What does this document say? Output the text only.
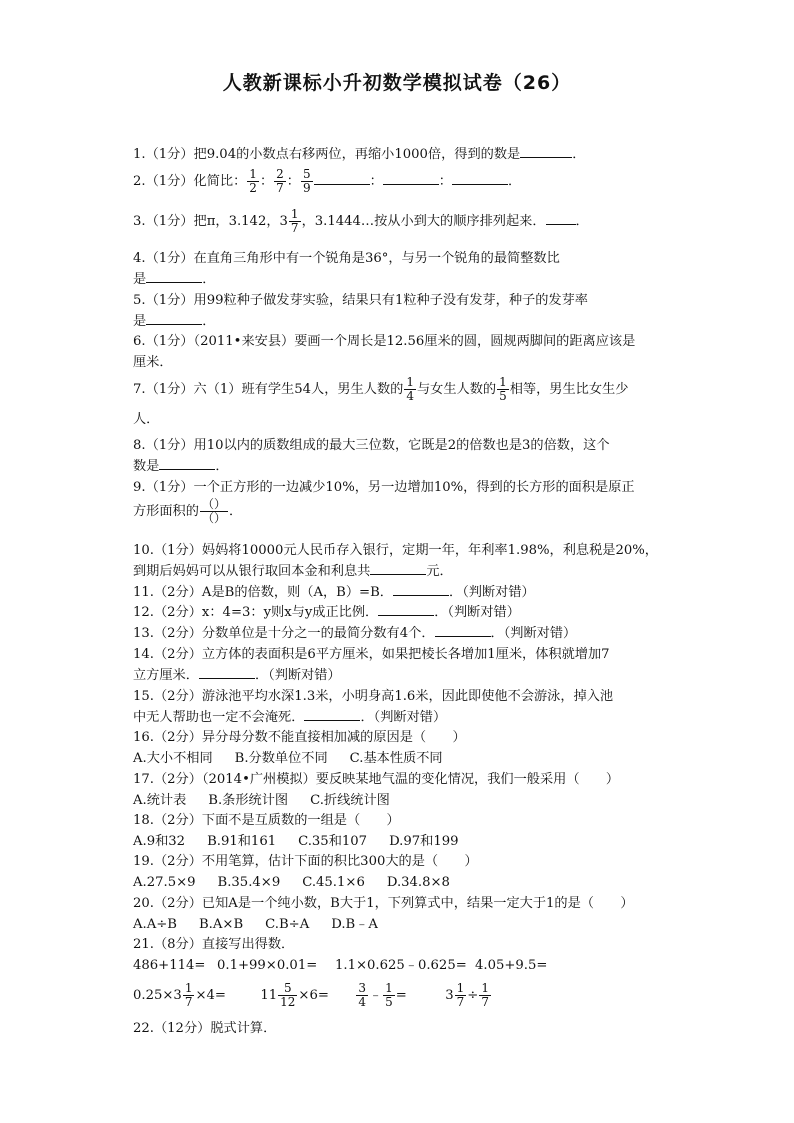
人教新课标小升初数学模拟试卷（26）
1.（1分）把9.04的小数点右移两位，再缩小1000倍，得到的数是	．
2.（1分）化简比： $\frac{1}{2}$ ： $\frac{2}{7}$ ： $\frac{5}{9}$	：	：	．
3.（1分）把π，3.142，$3 \frac{1}{7}$ ，3.1444…按从小到大的顺序排列起来． ．
4.（1分）在直角三角形中有一个锐角是36°，与另一个锐角的最简整数比
是	．
5.（1分）用99粒种子做发芽实验，结果只有1粒种子没有发芽，种子的发芽率
是	．
6.（1分）（2011•来安县）要画一个周长是12.56厘米的圆，圆规两脚间的距离应该是
厘米．
7.（1分）六（1）班有学生54人，男生人数的 $\frac{1}{4}$ 与女生人数的 $\frac{1}{5}$ 相等，男生比女生少
人．
8.（1分）用10以内的质数组成的最大三位数，它既是2的倍数也是3的倍数，这个
数是	．
9.（1分）一个正方形的一边减少10%，另一边增加10%，得到的长方形的面积是原正
方形面积的 $\frac{()}{()}$ ．
10.（1分）妈妈将10000元人民币存入银行，定期一年，年利率1.98%，利息税是20%，
到期后妈妈可以从银行取回本金和利息共	元．
11.（2分）A是B的倍数，则（A，B）=B．	．（判断对错）
12.（2分）x：4=3：y则x与y成正比例．	．（判断对错）
13.（2分）分数单位是十分之一的最简分数有4个．	．（判断对错）
14.（2分）立方体的表面积是6平方厘米，如果把棱长各增加1厘米，体积就增加7
立方厘米．	．（判断对错）
15.（2分）游泳池平均水深1.3米，小明身高1.6米，因此即使他不会游泳，掉入池
中无人帮助也一定不会淹死．	．（判断对错）
16.（2分）异分母分数不能直接相加减的原因是（　　）
A.大小不相同 B.分数单位不同 C.基本性质不同
17.（2分）（2014•广州模拟）要反映某地气温的变化情况，我们一般采用（　　）
A.统计表 B.条形统计图 C.折线统计图
18.（2分）下面不是互质数的一组是（　　）
A.9和32 B.91和161 C.35和107 D.97和199
19.（2分）不用笔算，估计下面的积比300大的是（　　）
A.27.5×9 B.35.4×9 C.45.1×6 D.34.8×8
20.（2分）已知A是一个纯小数，B大于1，下列算式中，结果一定大于1的是（　　）
A.A÷B B.A×B C.B÷A D.B﹣A
21.（8分）直接写出得数．
486+114= 0.1+99×0.01= 1.1×0.625﹣0.625= 4.05+9.5=
$0.25\times 3 \frac{1}{7} \times 4=$	$11 \frac{5}{12} \times 6= \frac{3}{4}$ ﹣ $\frac{1}{5}$ =	$3 \frac{1}{7} \div \frac{1}{7}$
22.（12分）脱式计算．
